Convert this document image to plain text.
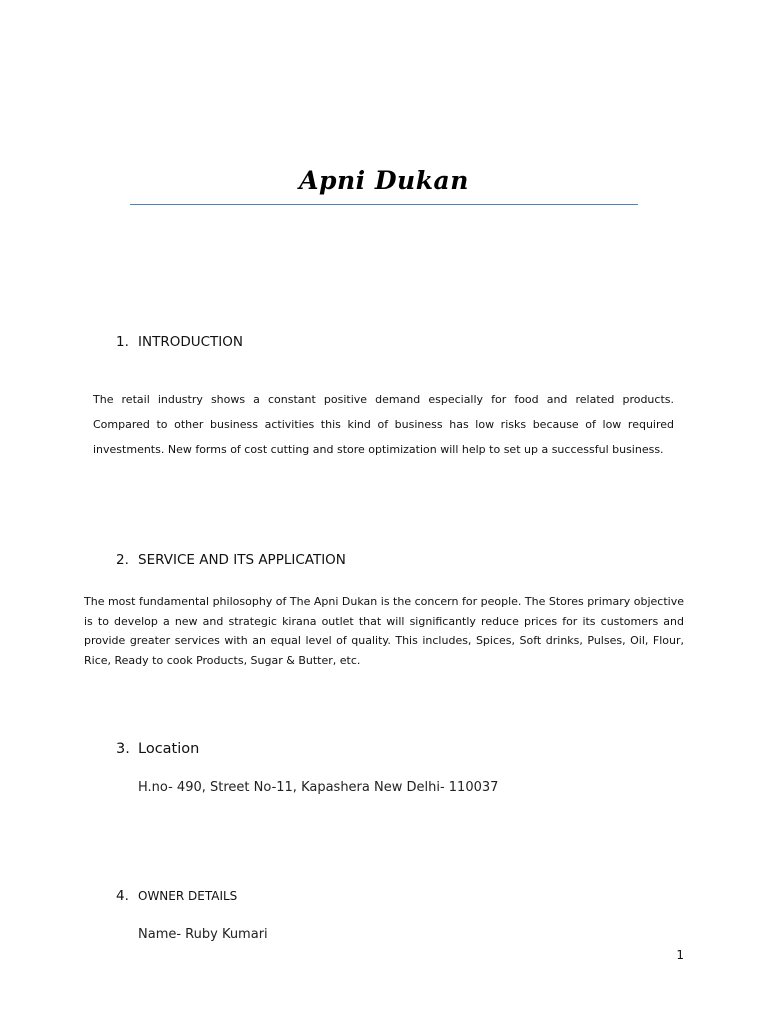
Apni Dukan
1. INTRODUCTION
The retail industry shows a constant positive demand especially for food and related products. Compared to other business activities this kind of business has low risks because of low required investments. New forms of cost cutting and store optimization will help to set up a successful business.
2. SERVICE AND ITS APPLICATION
The most fundamental philosophy of The Apni Dukan is the concern for people. The Stores primary objective is to develop a new and strategic kirana outlet that will significantly reduce prices for its customers and provide greater services with an equal level of quality. This includes, Spices, Soft drinks, Pulses, Oil, Flour, Rice, Ready to cook Products, Sugar & Butter, etc.
3. Location
H.no- 490, Street No-11, Kapashera New Delhi- 110037
4. OWNER DETAILS
Name- Ruby Kumari
1
